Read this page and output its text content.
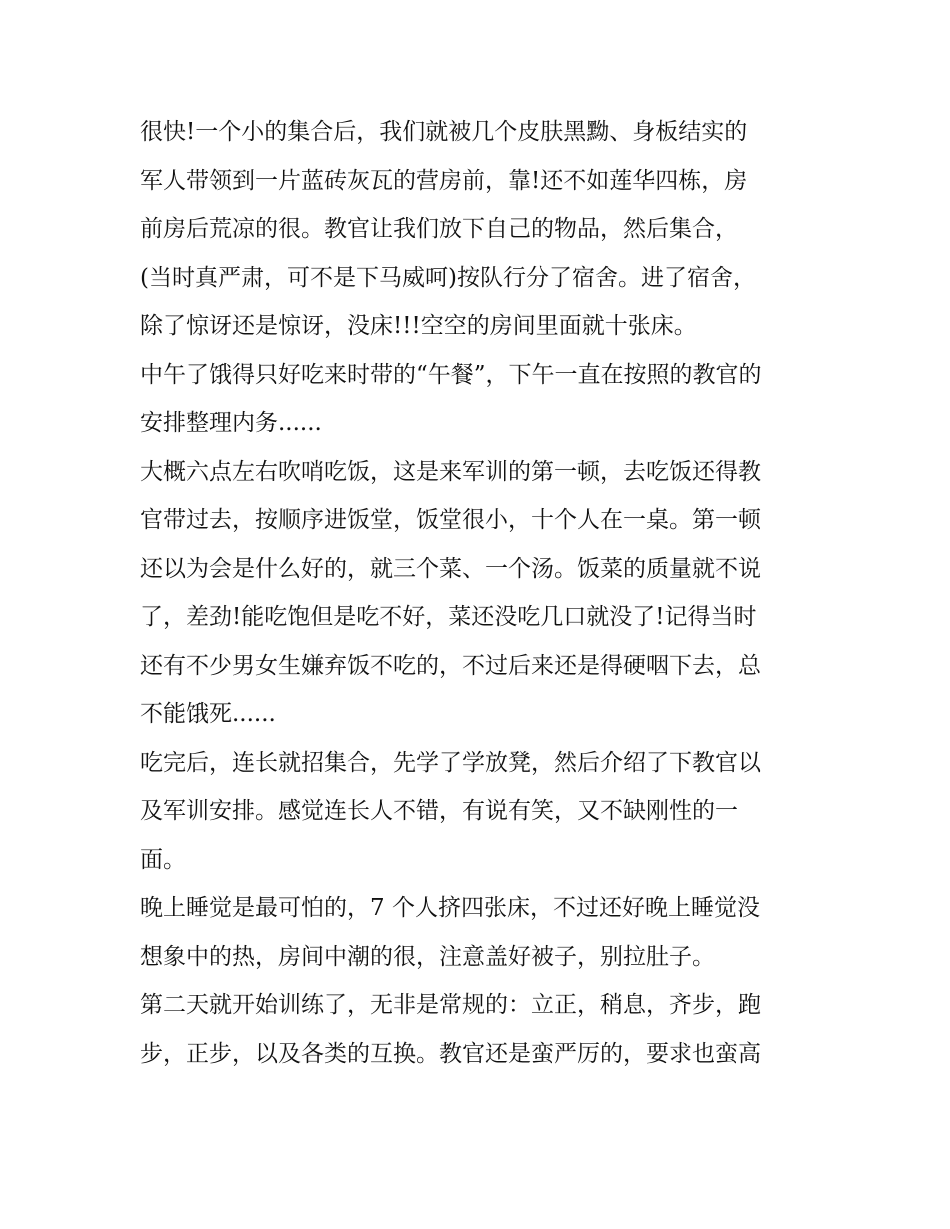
很快!一个小的集合后，我们就被几个皮肤黑黝、身板结实的
军人带领到一片蓝砖灰瓦的营房前，靠!还不如莲华四栋，房
前房后荒凉的很。教官让我们放下自己的物品，然后集合，
(当时真严肃，可不是下马威呵)按队行分了宿舍。进了宿舍，
除了惊讶还是惊讶，没床!!!空空的房间里面就十张床。
中午了饿得只好吃来时带的“午餐”，下午一直在按照的教官的
安排整理内务......
大概六点左右吹哨吃饭，这是来军训的第一顿，去吃饭还得教
官带过去，按顺序进饭堂，饭堂很小，十个人在一桌。第一顿
还以为会是什么好的，就三个菜、一个汤。饭菜的质量就不说
了，差劲!能吃饱但是吃不好，菜还没吃几口就没了!记得当时
还有不少男女生嫌弃饭不吃的，不过后来还是得硬咽下去，总
不能饿死......
吃完后，连长就招集合，先学了学放凳，然后介绍了下教官以
及军训安排。感觉连长人不错，有说有笑，又不缺刚性的一
面。
晚上睡觉是最可怕的，7 个人挤四张床，不过还好晚上睡觉没
想象中的热，房间中潮的很，注意盖好被子，别拉肚子。
第二天就开始训练了，无非是常规的：立正，稍息，齐步，跑
步，正步，以及各类的互换。教官还是蛮严厉的，要求也蛮高
